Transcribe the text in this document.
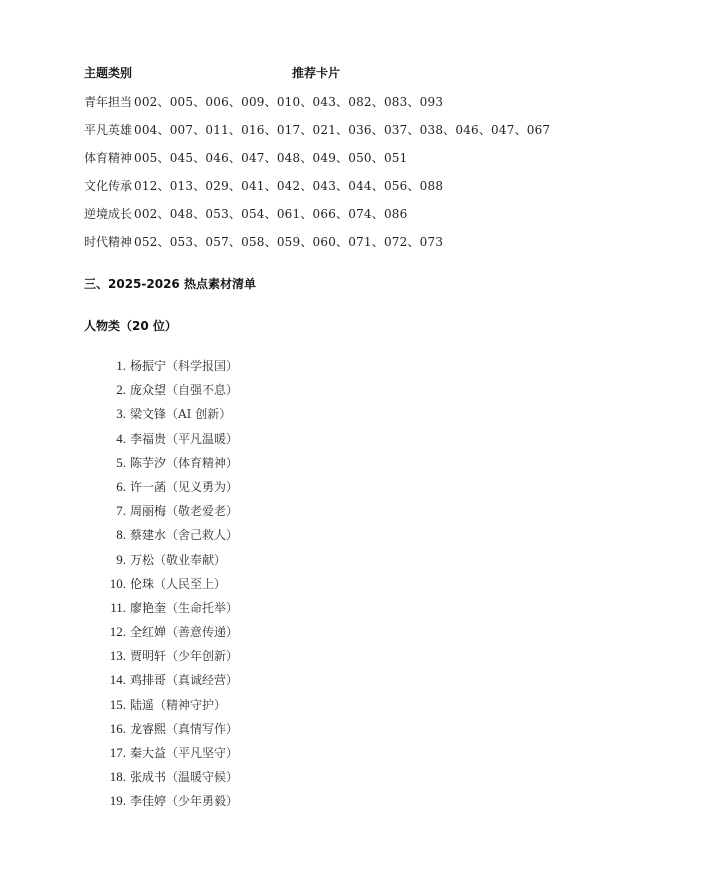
主题类别	推荐卡片
青年担当 002、005、006、009、010、043、082、083、093
平凡英雄 004、007、011、016、017、021、036、037、038、046、047、067
体育精神 005、045、046、047、048、049、050、051
文化传承 012、013、029、041、042、043、044、056、088
逆境成长 002、048、053、054、061、066、074、086
时代精神 052、053、057、058、059、060、071、072、073
三、2025-2026 热点素材清单
人物类（20 位）
1. 杨振宁（科学报国）
2. 庞众望（自强不息）
3. 梁文锋（AI 创新）
4. 李福贵（平凡温暖）
5. 陈芋汐（体育精神）
6. 许一菡（见义勇为）
7. 周丽梅（敬老爱老）
8. 蔡建水（舍己救人）
9. 万松（敬业奉献）
10. 伦珠（人民至上）
11. 廖艳奎（生命托举）
12. 全红婵（善意传递）
13. 贾明轩（少年创新）
14. 鸡排哥（真诚经营）
15. 陆遥（精神守护）
16. 龙睿熙（真情写作）
17. 秦大益（平凡坚守）
18. 张成书（温暖守候）
19. 李佳婷（少年勇毅）
